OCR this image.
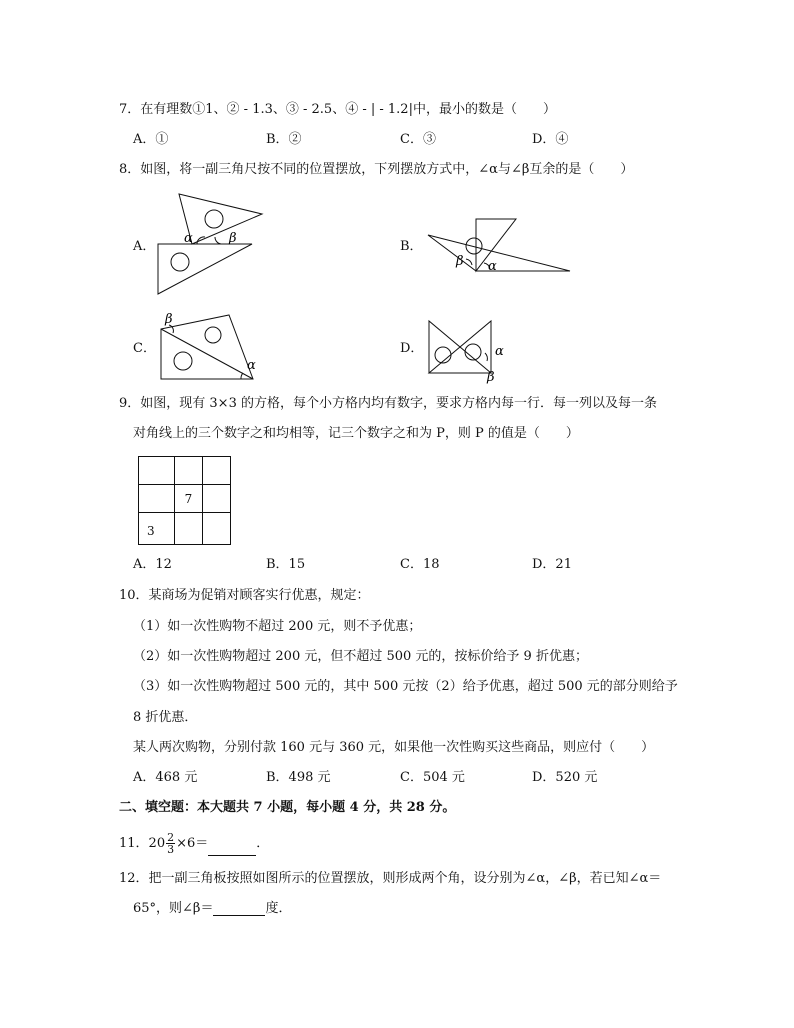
7．在有理数①1、② - 1.3、③ - 2.5、④ - | - 1.2|中，最小的数是（　　）
A．①	B．②	C．③	D．④
8．如图，将一副三角尺按不同的位置摆放，下列摆放方式中，∠α与∠β互余的是（　　）
A．
α	β
B．
β α
C．
β
α
D．	α
β
9．如图，现有 3×3 的方格，每个小方格内均有数字，要求方格内每一行．每一列以及每一条
对角线上的三个数字之和均相等，记三个数字之和为 P，则 P 的值是（　　）

	7	
3		
A．12	B．15	C．18	D．21
10．某商场为促销对顾客实行优惠，规定：
（1）如一次性购物不超过 200 元，则不予优惠；
（2）如一次性购物超过 200 元，但不超过 500 元的，按标价给予 9 折优惠；
（3）如一次性购物超过 500 元的，其中 500 元按（2）给予优惠，超过 500 元的部分则给予
8 折优惠．
某人两次购物，分别付款 160 元与 360 元，如果他一次性购买这些商品，则应付（　　）
A．468 元	B．498 元	C．504 元	D．520 元
二、填空题：本大题共 7 小题，每小题 4 分，共 28 分。
11．$20 \frac{2}{3} \times 6=$	．
12．把一副三角板按照如图所示的位置摆放，则形成两个角，设分别为∠α，∠β，若已知∠α＝
65°，则∠β＝	度．
